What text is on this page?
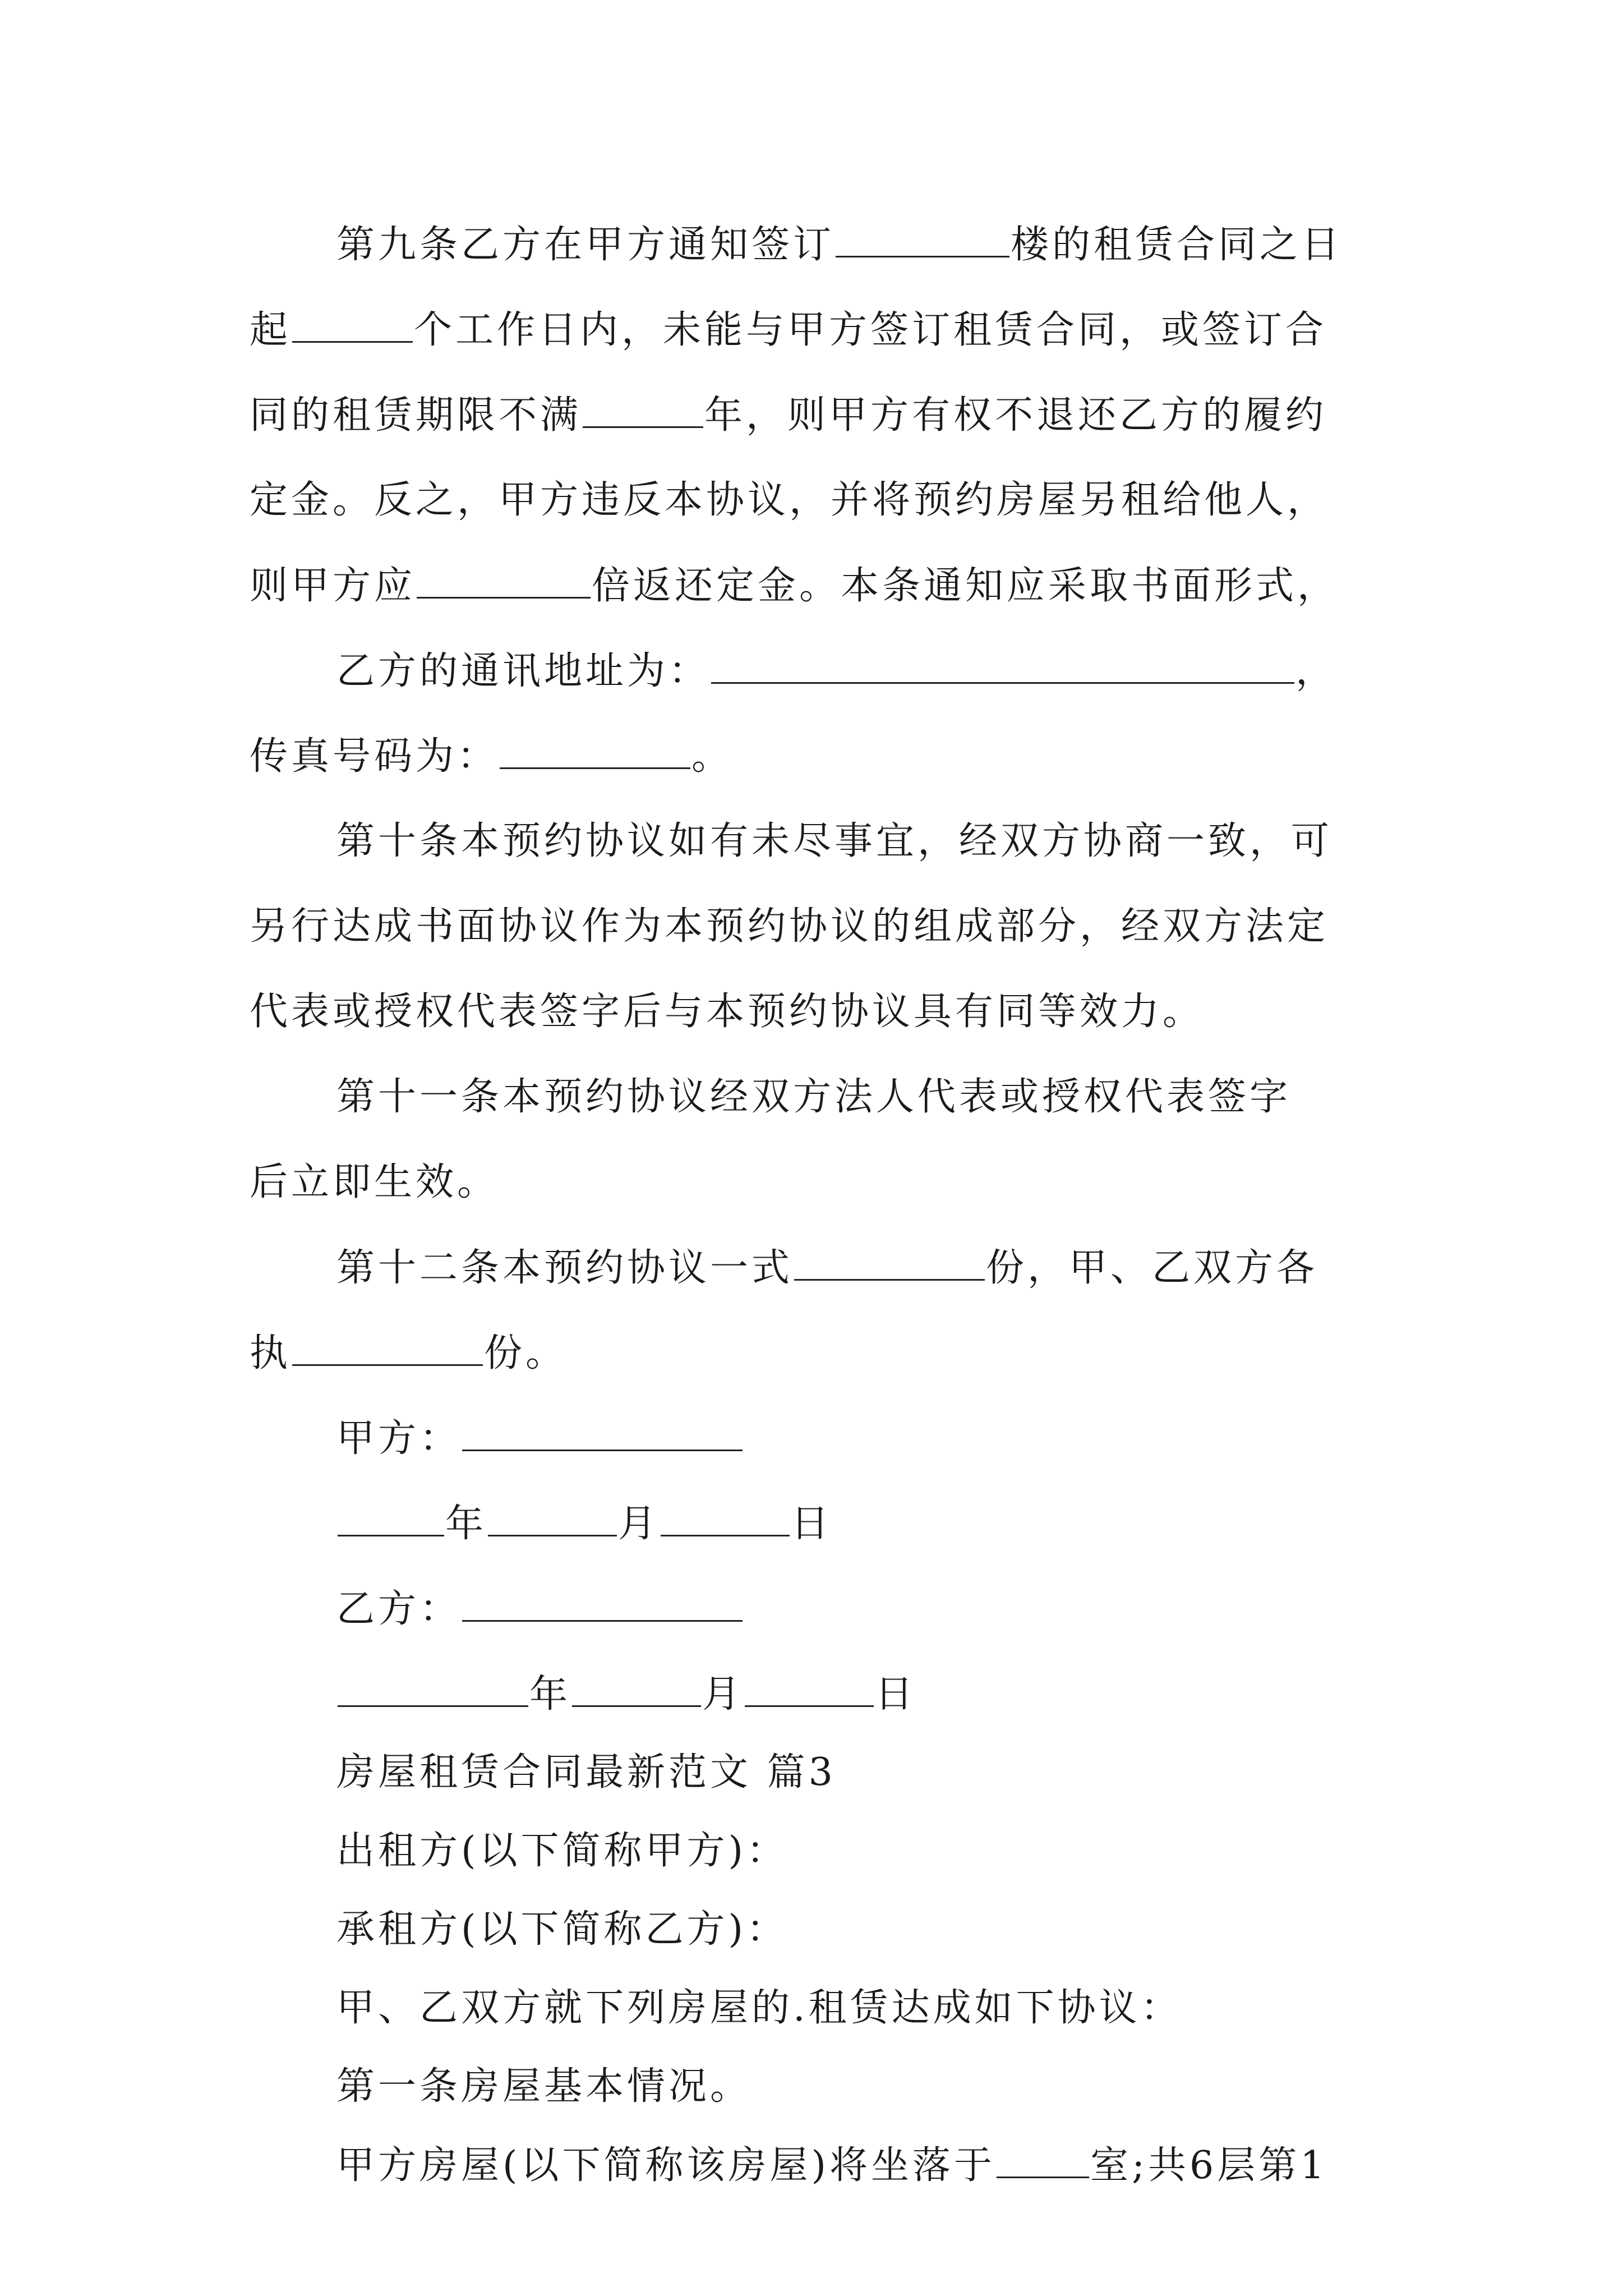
第九条乙方在甲方通知签订	楼的租赁合同之日
起	个工作日内，未能与甲方签订租赁合同，或签订合
同的租赁期限不满	年，则甲方有权不退还乙方的履约
定金。反之，甲方违反本协议，并将预约房屋另租给他人，
则甲方应	倍返还定金。本条通知应采取书面形式，
乙方的通讯地址为：	，
传真号码为：	。
第十条本预约协议如有未尽事宜，经双方协商一致，可
另行达成书面协议作为本预约协议的组成部分，经双方法定
代表或授权代表签字后与本预约协议具有同等效力。
第十一条本预约协议经双方法人代表或授权代表签字
后立即生效。
第十二条本预约协议一式	份，甲、乙双方各
执	份。
甲方：
年	月	日
乙方：
年	月	日
房屋租赁合同最新范文 篇3
出租方(以下简称甲方)：
承租方(以下简称乙方)：
甲、乙双方就下列房屋的.租赁达成如下协议：
第一条房屋基本情况。
甲方房屋(以下简称该房屋)将坐落于 室;共6层第1
